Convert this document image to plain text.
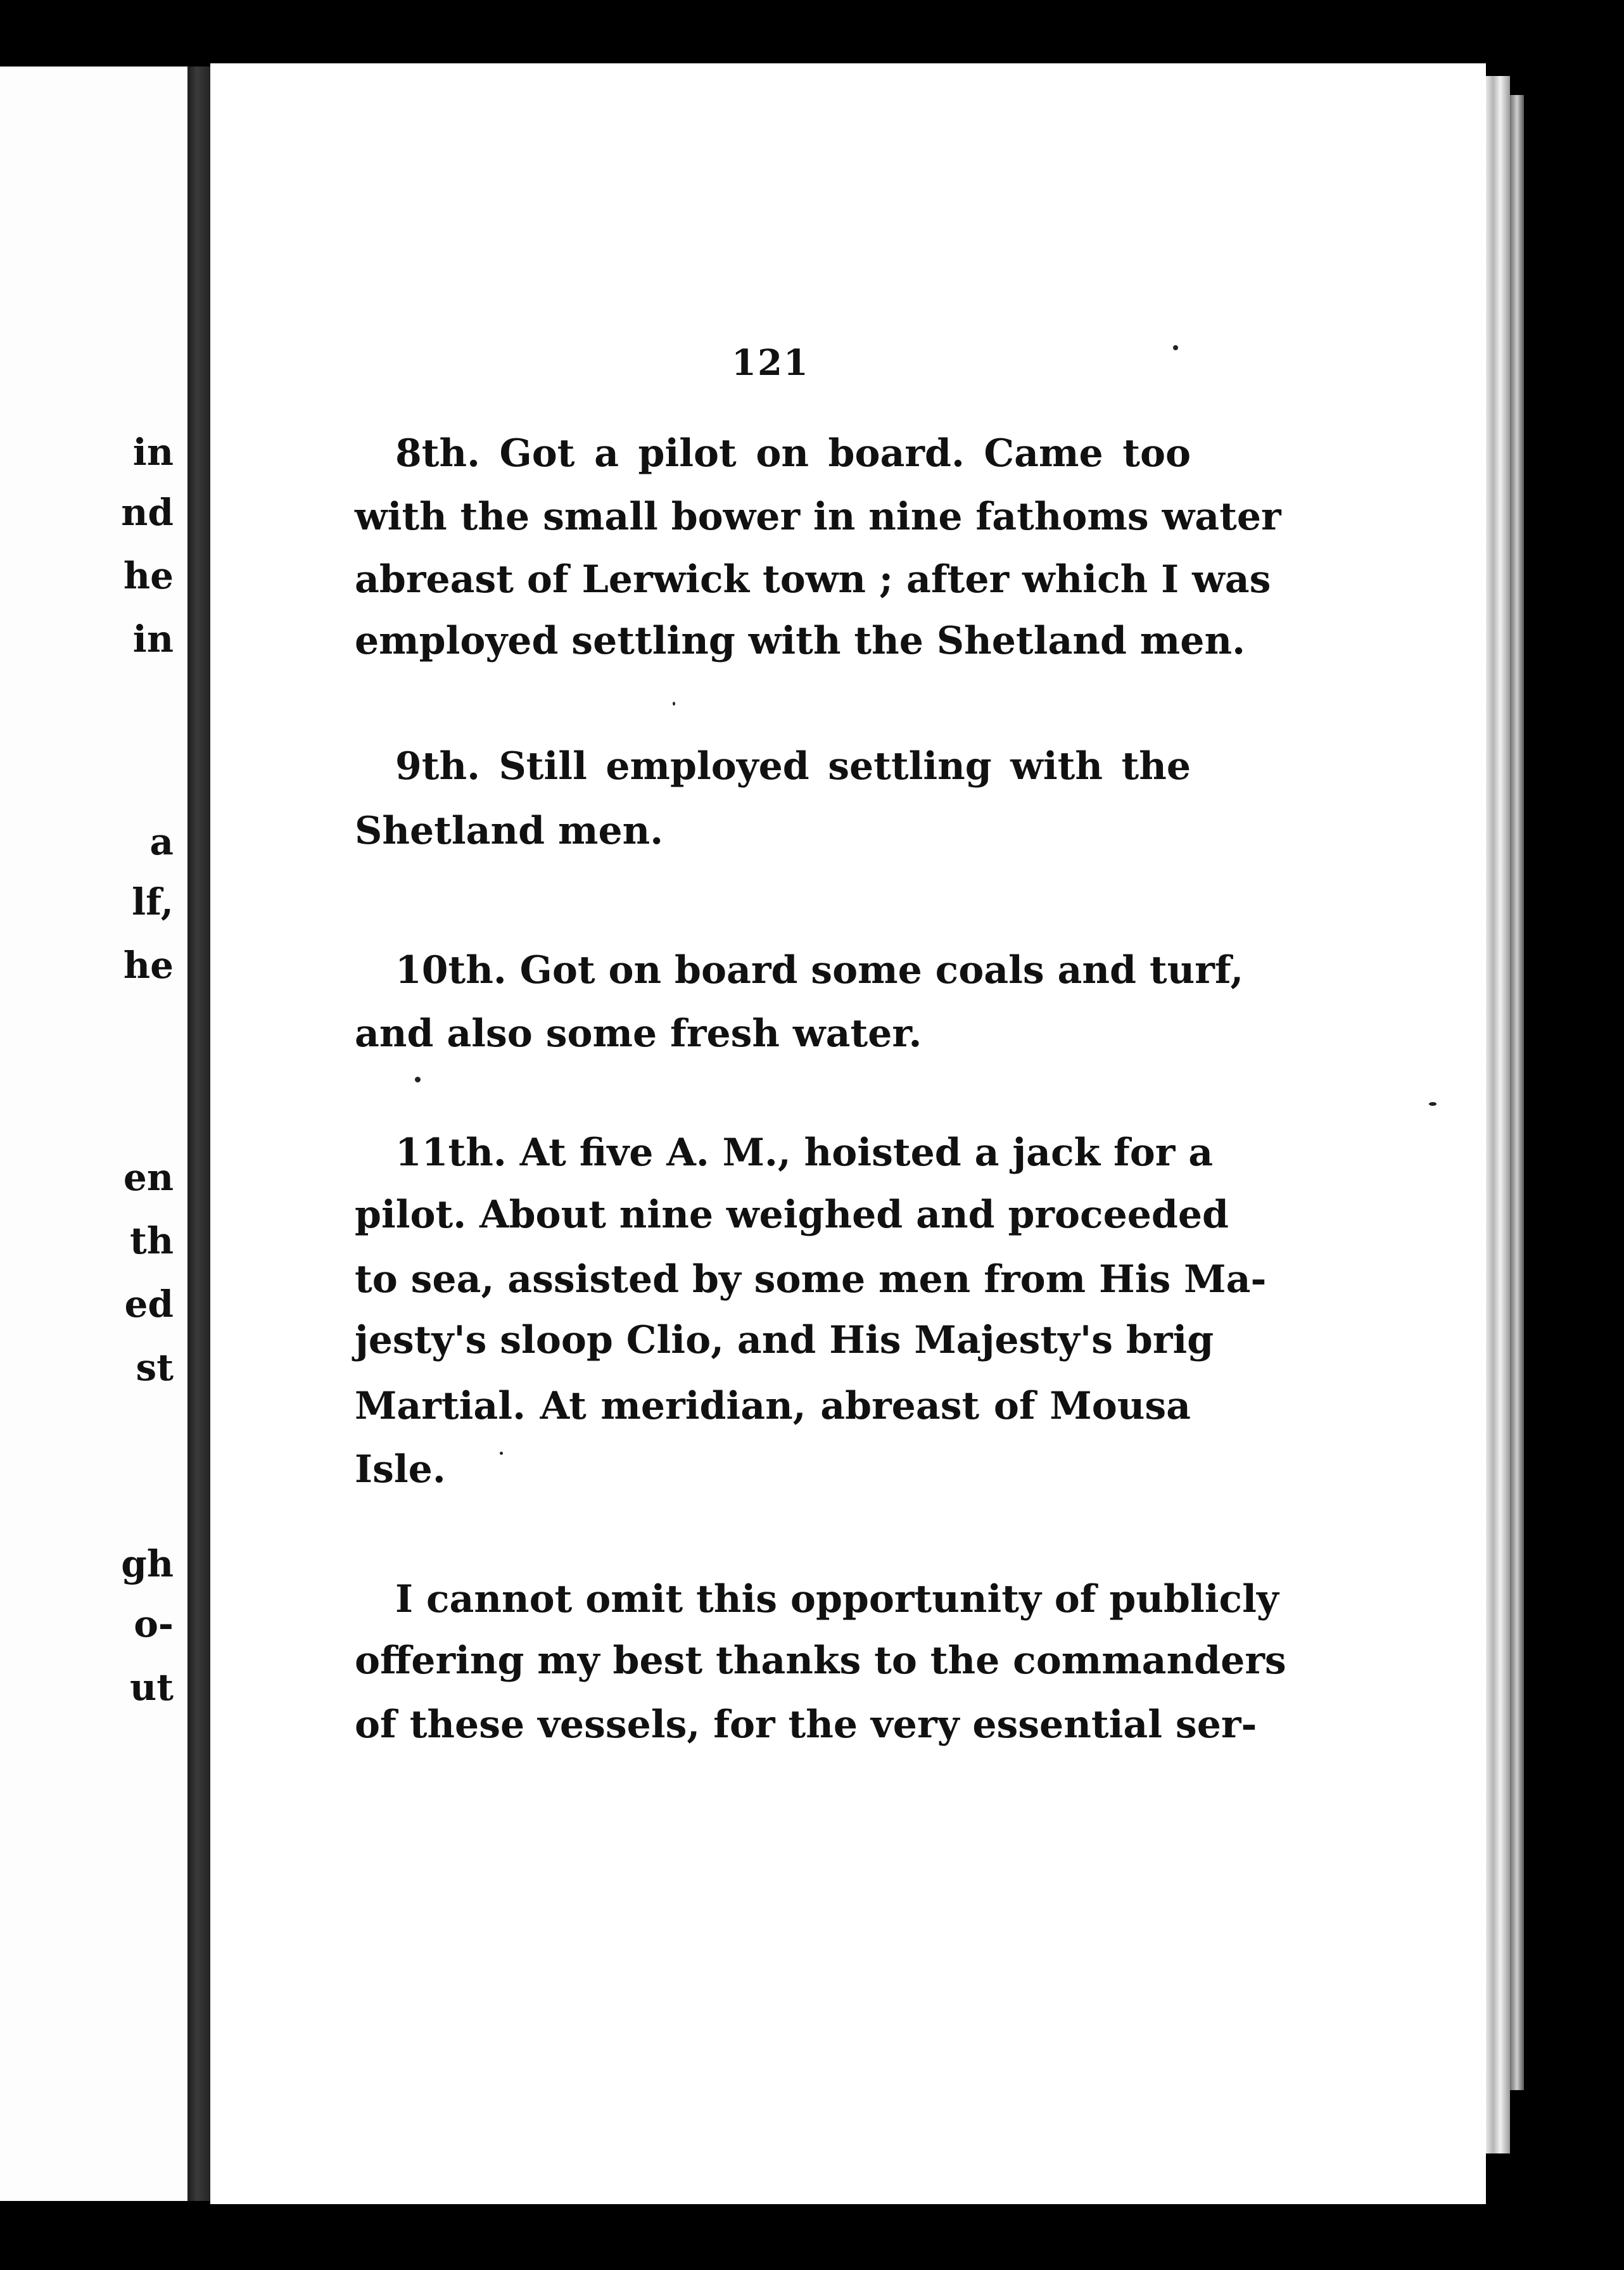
in
nd
he
in
a
lf,
he
en
th
ed
st
gh
o-
ut
121
8th. Got a pilot on board. Came too
with the small bower in nine fathoms water
abreast of Lerwick town ; after which I was
employed settling with the Shetland men.
9th. Still employed settling with the
Shetland men.
10th. Got on board some coals and turf,
and also some fresh water.
11th. At five A. M., hoisted a jack for a
pilot. About nine weighed and proceeded
to sea, assisted by some men from His Ma-
jesty's sloop Clio, and His Majesty's brig
Martial. At meridian, abreast of Mousa
Isle.
I cannot omit this opportunity of publicly
offering my best thanks to the commanders
of these vessels, for the very essential ser-
